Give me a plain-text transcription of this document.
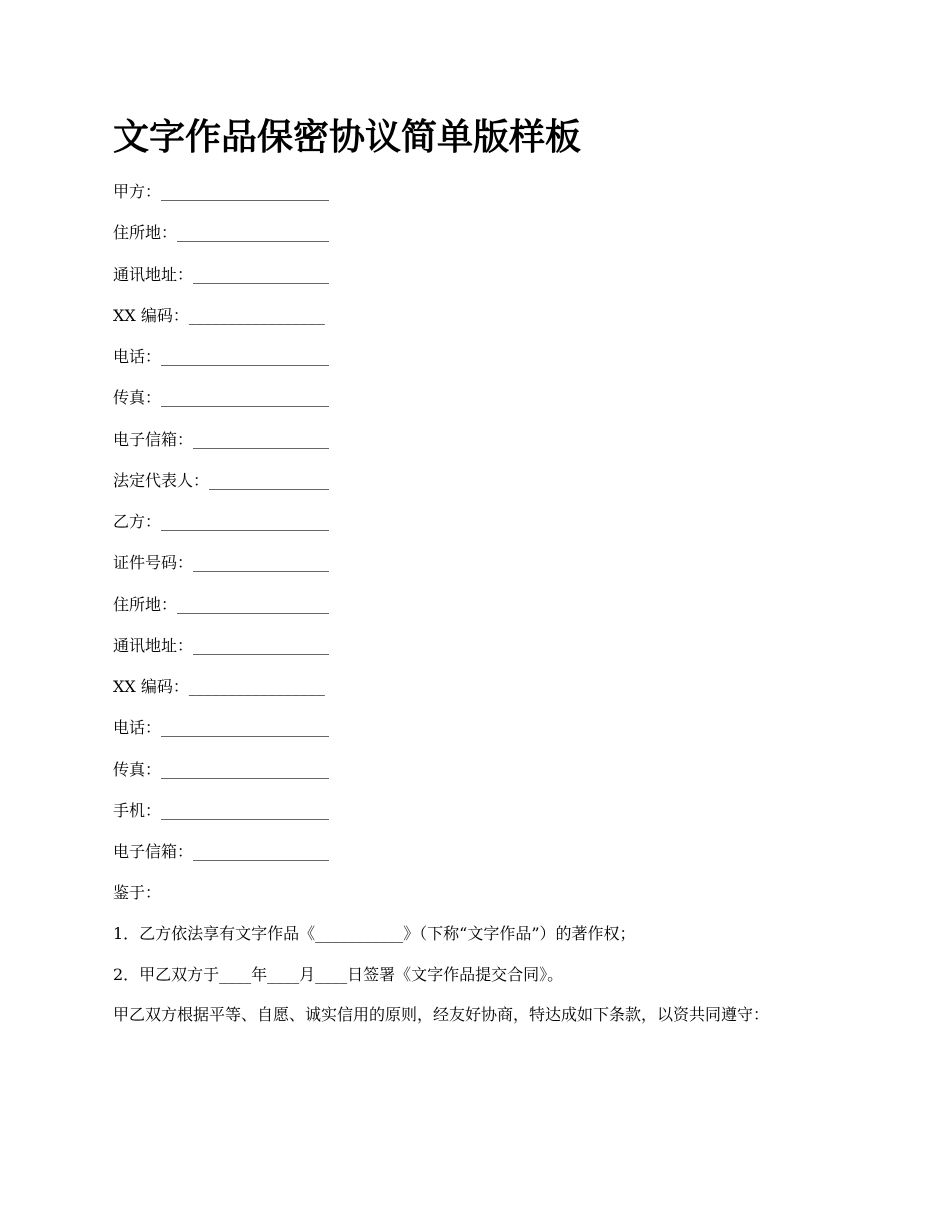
文字作品保密协议简单版样板
甲方：_____________________
住所地：___________________
通讯地址：_________________
XX 编码：_________________
电话：_____________________
传真：_____________________
电子信箱：_________________
法定代表人：_______________
乙方：_____________________
证件号码：_________________
住所地：___________________
通讯地址：_________________
XX 编码：_________________
电话：_____________________
传真：_____________________
手机：_____________________
电子信箱：_________________
鉴于：
1．乙方依法享有文字作品《___________》（下称“文字作品”）的著作权；
2．甲乙双方于____年____月____日签署《文字作品提交合同》。

甲乙双方根据平等、自愿、诚实信用的原则，经友好协商，特达成如下条款，以资共同遵守：
